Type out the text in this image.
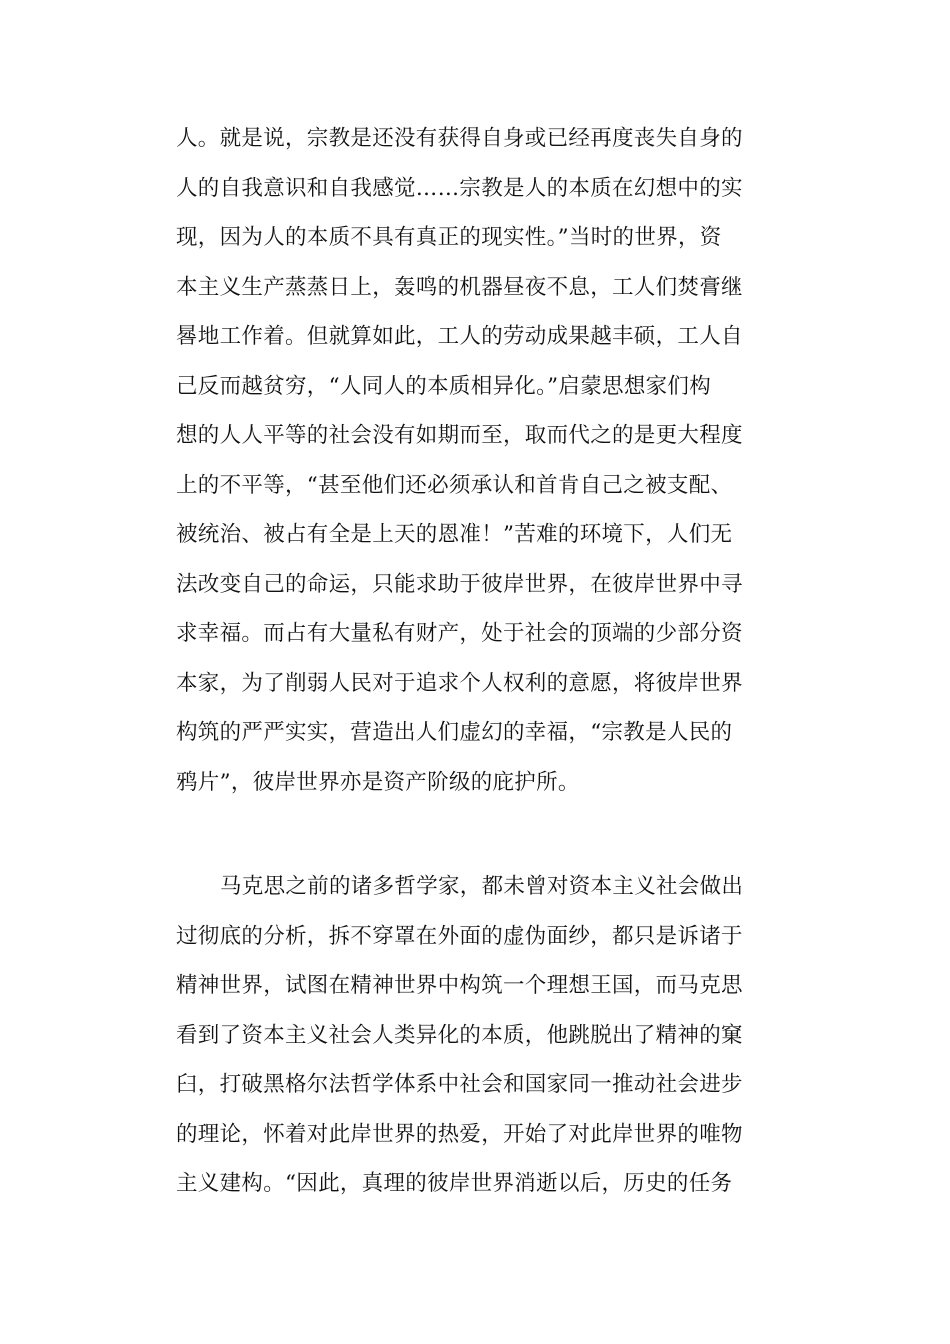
人。就是说，宗教是还没有获得自身或已经再度丧失自身的
人的自我意识和自我感觉……宗教是人的本质在幻想中的实
现，因为人的本质不具有真正的现实性。”当时的世界，资
本主义生产蒸蒸日上，轰鸣的机器昼夜不息，工人们焚膏继
晷地工作着。但就算如此，工人的劳动成果越丰硕，工人自
己反而越贫穷，“人同人的本质相异化。”启蒙思想家们构
想的人人平等的社会没有如期而至，取而代之的是更大程度
上的不平等，“甚至他们还必须承认和首肯自己之被支配、
被统治、被占有全是上天的恩准！”苦难的环境下，人们无
法改变自己的命运，只能求助于彼岸世界，在彼岸世界中寻
求幸福。而占有大量私有财产，处于社会的顶端的少部分资
本家，为了削弱人民对于追求个人权利的意愿，将彼岸世界
构筑的严严实实，营造出人们虚幻的幸福，“宗教是人民的
鸦片”，彼岸世界亦是资产阶级的庇护所。
马克思之前的诸多哲学家，都未曾对资本主义社会做出
过彻底的分析，拆不穿罩在外面的虚伪面纱，都只是诉诸于
精神世界，试图在精神世界中构筑一个理想王国，而马克思
看到了资本主义社会人类异化的本质，他跳脱出了精神的窠
臼，打破黑格尔法哲学体系中社会和国家同一推动社会进步
的理论，怀着对此岸世界的热爱，开始了对此岸世界的唯物
主义建构。“因此，真理的彼岸世界消逝以后，历史的任务
